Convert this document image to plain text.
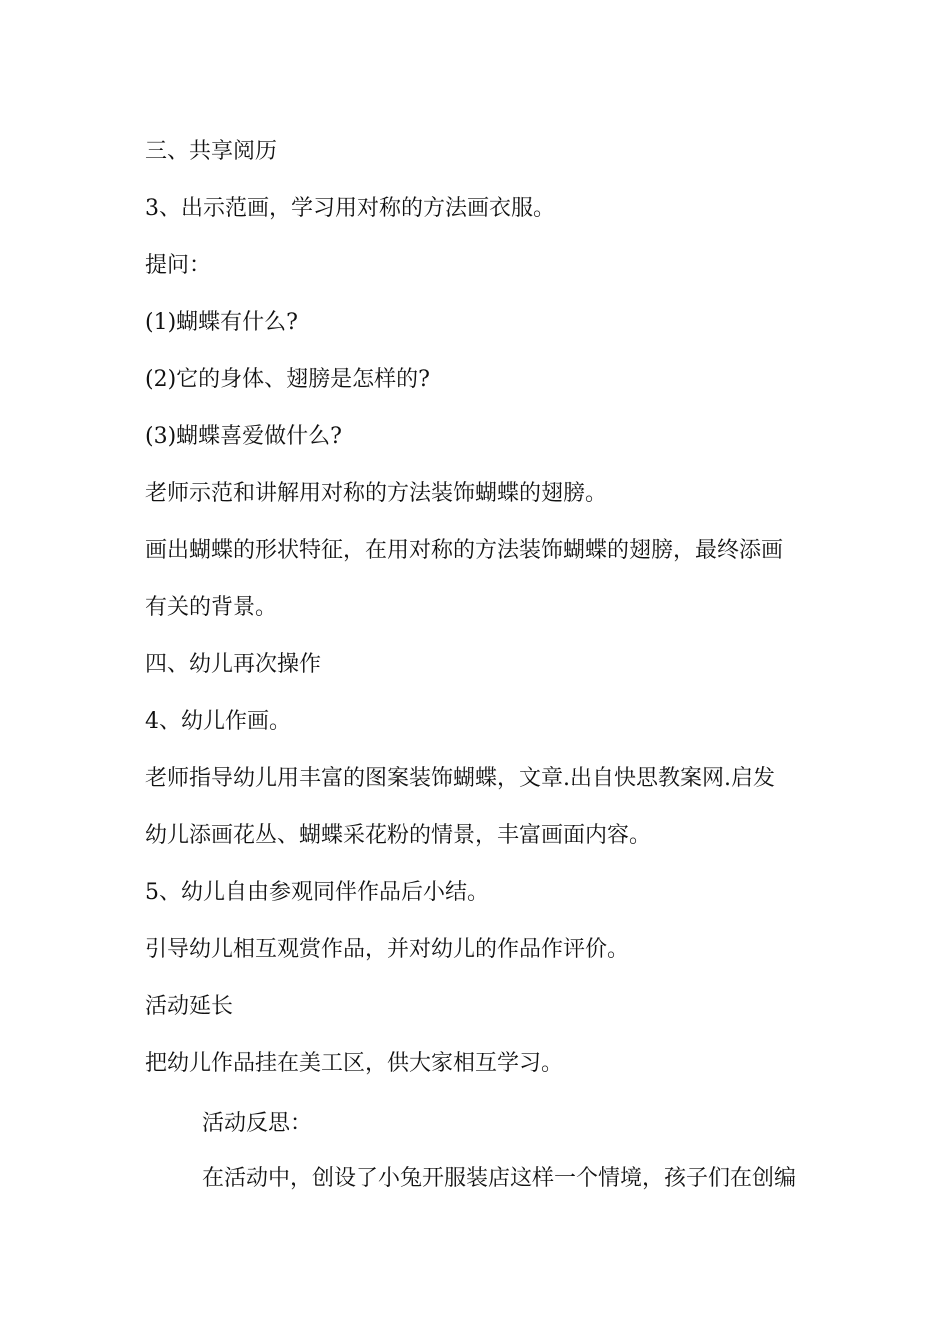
三、共享阅历
3、出示范画，学习用对称的方法画衣服。
提问：
(1)蝴蝶有什么?
(2)它的身体、翅膀是怎样的?
(3)蝴蝶喜爱做什么?
老师示范和讲解用对称的方法装饰蝴蝶的翅膀。
画出蝴蝶的形状特征，在用对称的方法装饰蝴蝶的翅膀，最终添画
有关的背景。
四、幼儿再次操作
4、幼儿作画。
老师指导幼儿用丰富的图案装饰蝴蝶，文章.出自快思教案网.启发
幼儿添画花丛、蝴蝶采花粉的情景，丰富画面内容。
5、幼儿自由参观同伴作品后小结。
引导幼儿相互观赏作品，并对幼儿的作品作评价。
活动延长
把幼儿作品挂在美工区，供大家相互学习。
活动反思：
在活动中，创设了小兔开服装店这样一个情境，孩子们在创编
